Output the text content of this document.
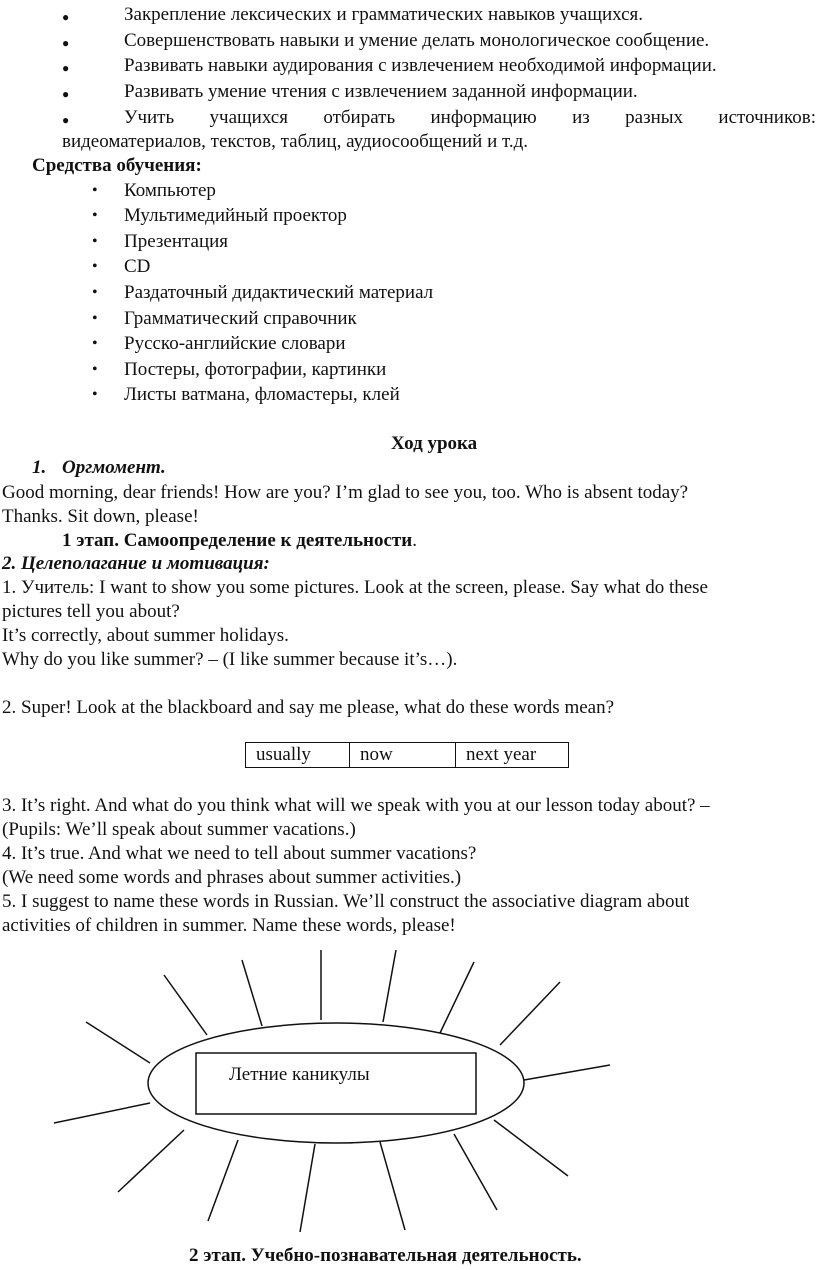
●	Закрепление лексических и грамматических навыков учащихся.
●	Совершенствовать навыки и умение делать монологическое сообщение.
●	Развивать навыки аудирования с извлечением необходимой информации.
●	Развивать умение чтения с извлечением заданной информации.
●	Учить учащихся отбирать информацию из разных источников:
видеоматериалов, текстов, таблиц, аудиосообщений и т.д.
Средства обучения:
• Компьютер
• Мультимедийный проектор
• Презентация
• CD
• Раздаточный дидактический материал
• Грамматический справочник
• Русско-английские словари
• Постеры, фотографии, картинки
• Листы ватмана, фломастеры, клей
Ход урока
1. Оргмомент.
Good morning, dear friends! How are you? I’m glad to see you, too. Who is absent today?
Thanks. Sit down, please!
1 этап. Самоопределение к деятельности.
2. Целеполагание и мотивация:
1. Учитель: I want to show you some pictures. Look at the screen, please. Say what do these
pictures tell you about?
It’s correctly, about summer holidays.
Why do you like summer? – (I like summer because it’s…).
2. Super! Look at the blackboard and say me please, what do these words mean?
usually	now	next year
3. It’s right. And what do you think what will we speak with you at our lesson today about? –
(Pupils: We’ll speak about summer vacations.)
4. It’s true. And what we need to tell about summer vacations?
(We need some words and phrases about summer activities.)
5. I suggest to name these words in Russian. We’ll construct the associative diagram about
activities of children in summer. Name these words, please!
Летние каникулы
2 этап. Учебно-познавательная деятельность.
